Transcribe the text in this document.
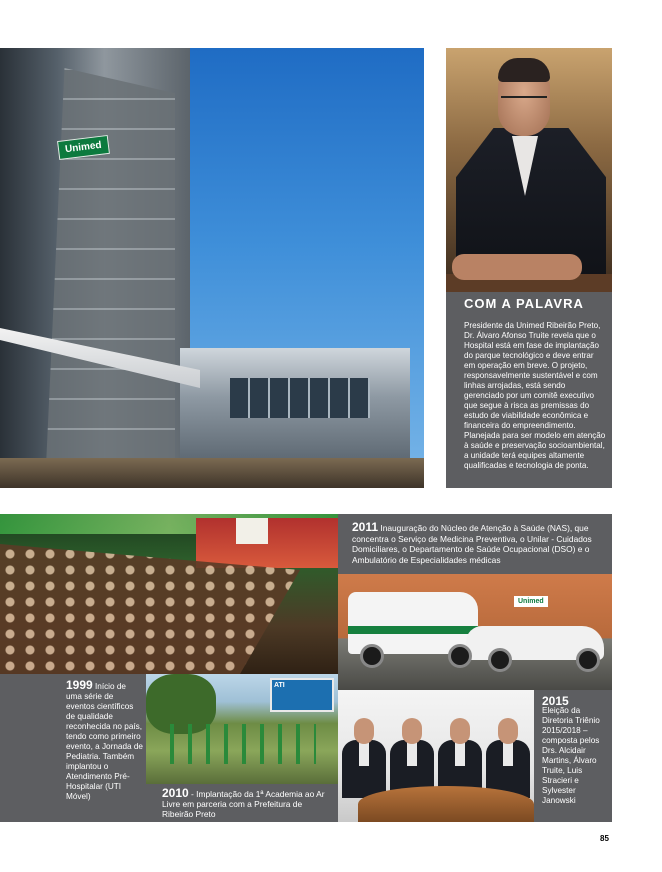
Unimed
COM A PALAVRA
Presidente da Unimed Ribeirão Preto, Dr. Álvaro Afonso Truite revela que o Hospital está em fase de implantação do parque tecnológico e deve entrar em operação em breve. O projeto, responsavelmente sustentável e com linhas arrojadas, está sendo gerenciado por um comitê executivo que segue à risca as premissas do estudo de viabilidade econômica e financeira do empreendimento. Planejada para ser modelo em atenção à saúde e preservação socioambiental, a unidade terá equipes altamente qualificadas e tecnologia de ponta.
2011 Inauguração do Núcleo de Atenção à Saúde (NAS), que concentra o Serviço de Medicina Preventiva, o Unilar - Cuidados Domiciliares, o Departamento de Saúde Ocupacional (DSO) e o Ambulatório de Especialidades médicas
Unimed
1999 Início de uma série de eventos científicos de qualidade reconhecida no país, tendo como primeiro evento, a Jornada de Pediatria. Também implantou o Atendimento Pré-Hospitalar (UTI Móvel)
ATI
2010 - Implantação da 1ª Academia ao Ar Livre em parceria com a Prefeitura de Ribeirão Preto
2015
Eleição da Diretoria Triênio 2015/2018 – composta pelos Drs. Alcidair Martins, Álvaro Truite, Luis Stracieri e Sylvester Janowski
85
